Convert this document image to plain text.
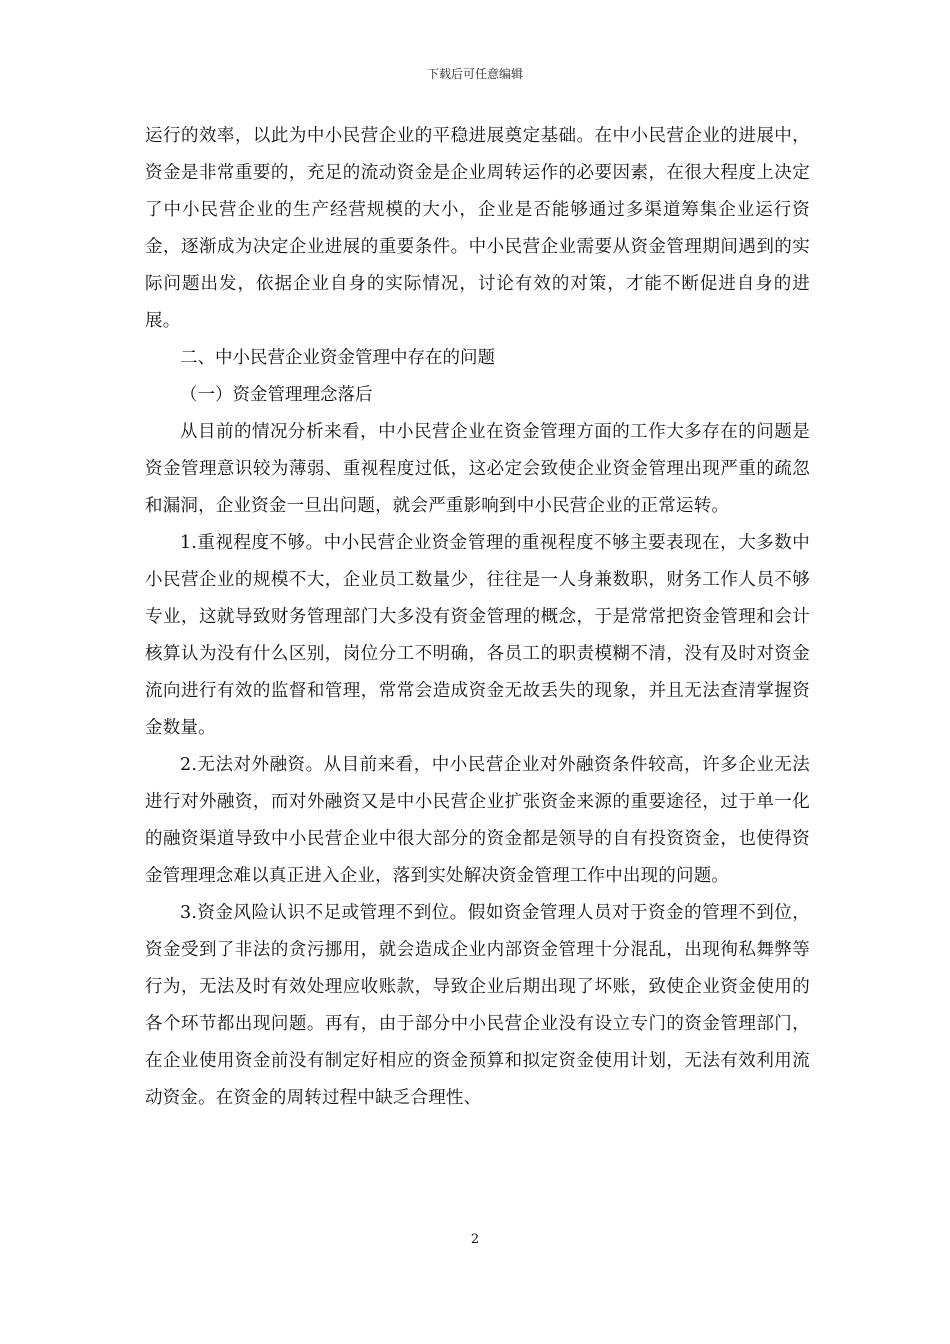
下载后可任意编辑

运行的效率，以此为中小民营企业的平稳进展奠定基础。在中小民营企业的进展中，资金是非常重要的，充足的流动资金是企业周转运作的必要因素，在很大程度上决定了中小民营企业的生产经营规模的大小，企业是否能够通过多渠道筹集企业运行资金，逐渐成为决定企业进展的重要条件。中小民营企业需要从资金管理期间遇到的实际问题出发，依据企业自身的实际情况，讨论有效的对策，才能不断促进自身的进展。

二、中小民营企业资金管理中存在的问题

（一）资金管理理念落后

从目前的情况分析来看，中小民营企业在资金管理方面的工作大多存在的问题是资金管理意识较为薄弱、重视程度过低，这必定会致使企业资金管理出现严重的疏忽和漏洞，企业资金一旦出问题，就会严重影响到中小民营企业的正常运转。

1.重视程度不够。中小民营企业资金管理的重视程度不够主要表现在，大多数中小民营企业的规模不大，企业员工数量少，往往是一人身兼数职，财务工作人员不够专业，这就导致财务管理部门大多没有资金管理的概念，于是常常把资金管理和会计核算认为没有什么区别，岗位分工不明确，各员工的职责模糊不清，没有及时对资金流向进行有效的监督和管理，常常会造成资金无故丢失的现象，并且无法查清掌握资金数量。

2.无法对外融资。从目前来看，中小民营企业对外融资条件较高，许多企业无法进行对外融资，而对外融资又是中小民营企业扩张资金来源的重要途径，过于单一化的融资渠道导致中小民营企业中很大部分的资金都是领导的自有投资资金，也使得资金管理理念难以真正进入企业，落到实处解决资金管理工作中出现的问题。

3.资金风险认识不足或管理不到位。假如资金管理人员对于资金的管理不到位，资金受到了非法的贪污挪用，就会造成企业内部资金管理十分混乱，出现徇私舞弊等行为，无法及时有效处理应收账款，导致企业后期出现了坏账，致使企业资金使用的各个环节都出现问题。再有，由于部分中小民营企业没有设立专门的资金管理部门，在企业使用资金前没有制定好相应的资金预算和拟定资金使用计划，无法有效利用流动资金。在资金的周转过程中缺乏合理性、

2
